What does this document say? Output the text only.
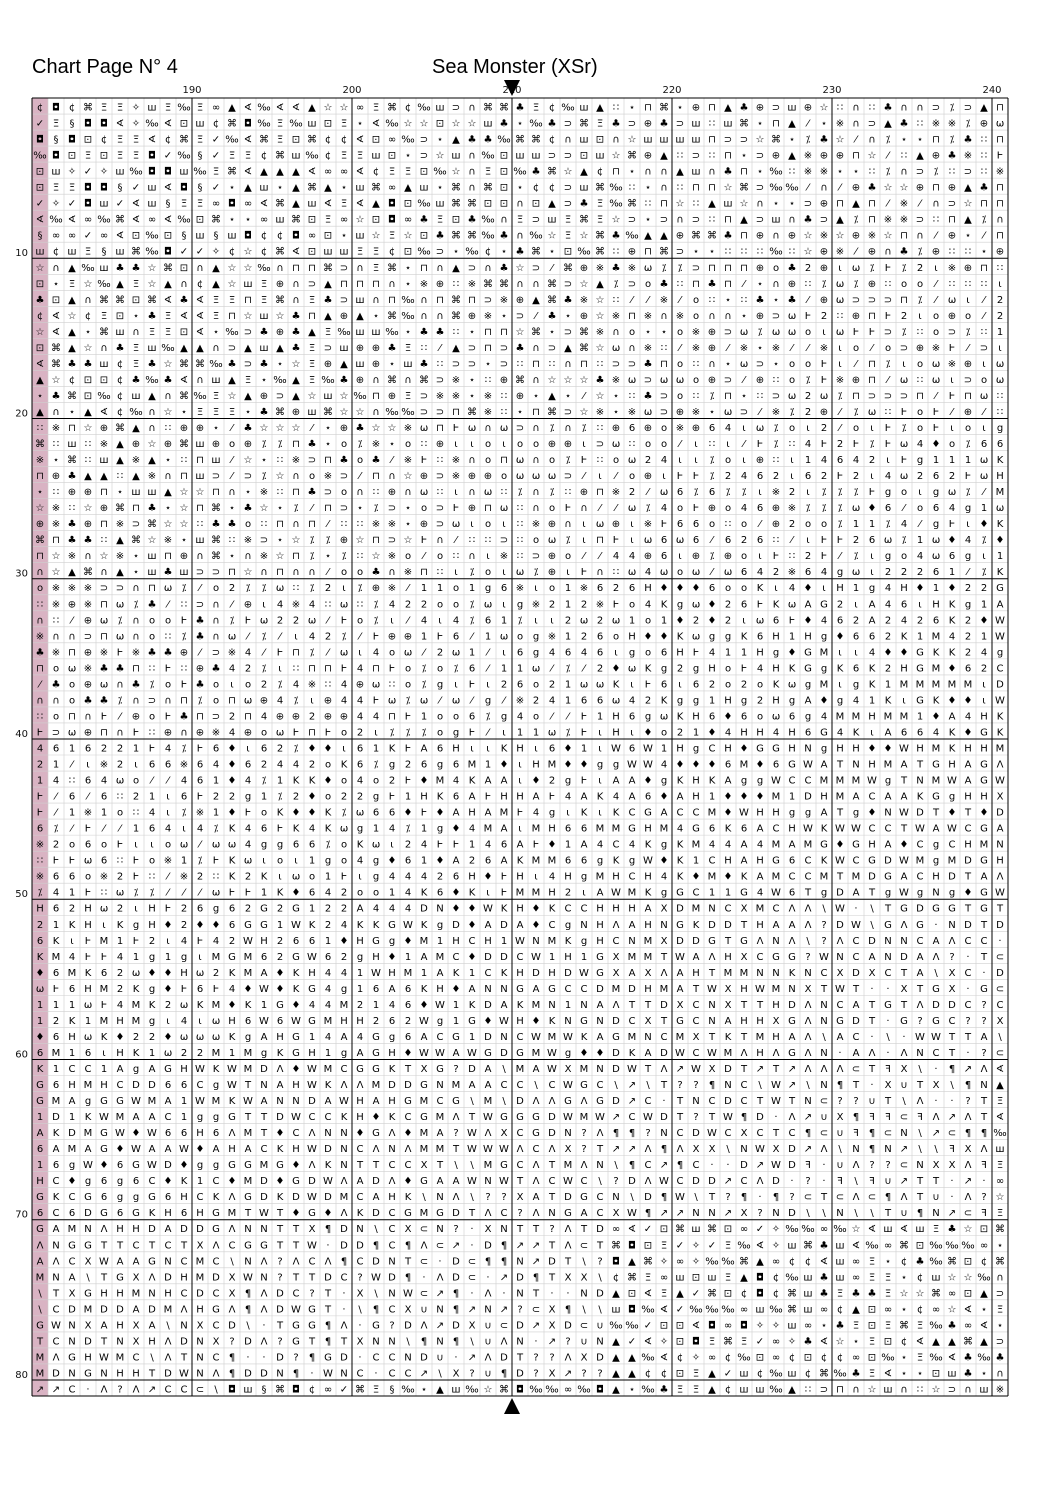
Chart Page N° 4	Sea Monster (XSr)
¢ ◘ ¢ ⌘ Ξ Ξ ✧ ш Ξ ‰ Ξ ∞ ▲ ∢ ‰ ∢ ∢ ▲ ☆ ☆ ∞ Ξ ⌘ ¢ ‰ ш ⊃ ∩ ⌘ ⌘ ♣ Ξ ¢ ‰ ш ▲ ∷ ⋆ ⊓ ⌘ ⋆ ⊕ ⊓ ▲ ♣ ⊕ ⊃ ш ⊕ ☆ ∷ ∩ ∷ ♣ ∩ ∩ ⊃ ⁒ ⊃ ▲ ⊓
✓ Ξ § ◘ ◘ ∢ ✧ ‰ ∢ ⊡ ш ¢ ⌘ ◘ ‰ Ξ ‰ ш ⊡ Ξ ⋆ ∢ ‰ ☆ ☆ ⊡ ☆ ☆ ш ♣ ⋆ ‰ ♣ ⊃ ⌘ Ξ ♣ ⊃ ⊕ ♣ ⊃ ш ∷ ш ⌘ ⋆ ⊓ ▲ ⁄ ⋆ ※ ∩ ⊃ ▲ ♣ ∷ ※ ※ ⁒ ⊕ ω
◘ § ◘ ⊡ ¢ Ξ Ξ ∢ ¢ ⌘ Ξ ✓ ‰ ∢ ⌘ Ξ ⊡ ⌘ ¢ ¢ ∢ ⊡ ∞ ‰ ⊃ ⋆ ▲ ♣ ♣ ‰ ⌘ ⌘ ¢ ∩ ш ⊡ ∩ ☆ ш ш ш ш ⊓ ⊃ ⊃ ☆ ⌘ ⋆ ⁒ ♣ ☆ ⁄ ∩ ⁒ ⋆ ⋆ ⊓ ⁒ ♣ ∷ ⊓
‰ ◘ ⊡ Ξ ⊡ Ξ Ξ ◘ ✓ ‰ § ✓ Ξ Ξ ¢ ⌘ ш ‰ ¢ Ξ Ξ ш ⊡ ⋆ ⊃ ☆ ш ∩ ‰ ⊡ ш ш ⊃ ⊃ ⊡ ш ☆ ⌘ ⊕ ▲ ∷ ⊃ ∷ ⊓ ⋆ ⊃ ⊕ ▲ ※ ⊕ ⊕ ⊓ ☆ ⁄ ∷ ▲ ⊕ ♣ ※ ∷ Ⱶ
⊡ ш ✧ ✓ ✧ ш ‰ ◘ ◘ ш ‰ Ξ ⌘ ∢ ▲ ▲ ▲ ∢ ∞ ∞ ∢ ¢ Ξ Ξ ⊡ ‰ ☆ ∩ Ξ ⊡ ‰ ♣ ⌘ ☆ ▲ ¢ ⊓ ⋆ ∩ ∩ ▲ ш ∩ ♣ ⊓ ⋆ ‰ ∷ ※ ※ ⋆ ⋆ ∷ ⁒ ∩ ⊃ ⁒ ∷ ⊃ ∷ ※
⊡ Ξ Ξ ◘ ◘ § ✓ ш ∢ ◘ § ✓ ⋆ ▲ ш ⋆ ▲ ⌘ ▲ ⋆ ш ⌘ ∞ ▲ ш ⋆ ⌘ ∩ ⌘ ⊡ ⋆ ¢ ¢ ⊃ ш ⌘ ‰ ∷ ⋆ ∩ ∷ ⊓ ⊓ ☆ ⌘ ⊃ ‰ ‰ ⁄ ∩ ⁄ ⊕ ♣ ☆ ☆ ⊕ ⊓ ⊕ ▲ ♣ ⊓
✓ ✧ ✓ ◘ ш ✓ ∢ ш § Ξ Ξ ∞ ◘ ∞ ∢ ⌘ ▲ ш ∢ Ξ ∢ ▲ ◘ ⊡ ‰ ш ⌘ ⌘ ⊡ ⊡ ∩ ⊡ ▲ ⊃ ♣ Ξ ‰ ⌘ ∷ ⊓ ☆ ∷ ▲ ш ☆ ∩ ⋆ ⋆ ⊃ ⊕ ⊓ ▲ ⊓ ⁄ ※ ⁄ ∩ ⊃ ☆ ⊓ ⊓
∢ ‰ ∢ ∞ ‰ ⌘ ∢ ∞ ∢ ‰ ⊡ ⌘ ⋆ ⋆ ∞ ш ⌘ ⊡ Ξ ∞ ☆ ⊡ ◘ ∞ ♣ Ξ ⊡ ♣ ‰ ∩ Ξ ⊃ ш Ξ ⌘ Ξ ☆ ⊃ ⋆ ⊃ ∩ ⊃ ∷ ⊓ ▲ ⊃ ш ∩ ♣ ⊃ ▲ ⁒ ⊓ ※ ※ ⊃ ∷ ⊓ ▲ ⁒ ∩
§ ∞ ∞ ✓ ∞ ∢ ⊡ ‰ ⊡ § ш § ш ◘ ¢ ¢ ◘ ∞ ⊡ ⋆ ш ☆ Ξ ☆ ⊡ ♣ ⌘ ⌘ ‰ ♣ ∩ ‰ ☆ Ξ ☆ ⌘ ♣ ‰ ▲ ▲ ⊕ ⌘ ⌘ ♣ ⊓ ⊕ ∩ ⊕ ☆ ※ ☆ ⊕ ※ ☆ ⊓ ∩ ⁄ ⊕ ⋆ ⁄ ⊓
ш ¢ ш Ξ § ш ⌘ ‰ ◘ ✓ ✓ ✧ ¢ ☆ ¢ ⌘ ∢ ⊡ ш ш Ξ Ξ ¢ ⊡ ‰ ⊃ ⋆ ‰ ¢ ⋆ ♣ ⌘ ⋆ ⊡ ‰ ⌘ ∷ ⊕ ⊓ ⌘ ⊃ ⋆ ⋆ ∷ ∷ ∷ ‰ ∷ ☆ ⊕ ※ ⁄ ⊕ ∩ ♣ ⁒ ⊕ ∷ ∷ ⋆ ⊕
☆ ∩ ▲ ‰ ш ♣ ♣ ☆ ⌘ ⊡ ∩ ▲ ☆ ☆ ‰ ∩ ⊓ ⊓ ⌘ ⊃ ∩ Ξ ⌘ ⋆ ⊓ ∩ ▲ ⊃ ∩ ♣ ☆ ⊃ ⁄ ⌘ ⊕ ※ ♣ ※ ω ⁒ ⁒ ⊃ ⊓ ⊓ ⊓ ⊕ o ♣ 2 ⊕ ι ω ⁒ Ⱶ ⁒ 2 ι ※ ⊕ ⊓ ∷
⊡ ⋆ Ξ ☆ ‰ ▲ Ξ ☆ ▲ ∩ ¢ ▲ ☆ ш Ξ ⊕ ∩ ⊃ ▲ ⊓ ⊓ ⊓ ∩ ⋆ ※ ⊕ ∷ ※ ⌘ ⌘ ∩ ∩ ⌘ ⊃ ☆ ▲ ⁒ ⊃ o ♣ ∷ ⊓ ♣ ⊓ ⁄ ⋆ ∩ ⊕ ∷ ⁒ ω ⁒ ⊕ ∷ o o ⁄ ∷ ∷ ∷ ι
♣ ⊡ ▲ ∩ ⌘ ⌘ ⊡ ⌘ ∢ ♣ ∢ Ξ Ξ ⊓ Ξ ⌘ ∩ Ξ ♣ ⊃ ш ∩ ⊓ ‰ ∩ ⊓ ⌘ ⊓ ⊃ ※ ⊕ ▲ ⌘ ♣ ※ ☆ ∷ ⁄ ⁄ ※ ⁄ o ∷ ⋆ ∷ ♣ ⋆ ♣ ⁄ ⊕ ω ⊃ ⊃ ⊃ ⊓ ⁒ ⁄ ω ι ⁄ 2
¢ ∢ ☆ ¢ Ξ ⊡ ⋆ ♣ Ξ ∢ ∢ Ξ ⊓ ☆ ш ☆ ♣ ⊓ ▲ ⊕ ▲ ⋆ ⌘ ‰ ∩ ∩ ⌘ ⊕ ※ ⋆ ⊃ ⁄ ♣ ⋆ ⊕ ☆ ※ ⊓ ※ ∩ ※ o ∩ ∩ ⋆ ⊕ ⊃ ω Ⱶ 2 ∷ ⊕ ⊓ Ⱶ 2 ι o ⊕ o ⁄ 2
☆ ∢ ▲ ⋆ ⌘ ш ∩ Ξ Ξ ⊡ ∢ ⋆ ‰ ⊃ ♣ ⊕ ♣ ▲ Ξ ‰ ш ш ‰ ⋆ ♣ ♣ ∷ ⋆ ⊓ ⊓ ☆ ⌘ ⋆ ⊃ ⌘ ※ ∩ o ⋆ ⋆ o ※ ⊕ ⊃ ω ⁒ ω ω o ι ω Ⱶ Ⱶ ⊃ ⁒ ∷ o ⊃ ⁒ ∷ 1
⊡ ⌘ ▲ ☆ ∩ ♣ Ξ ш ‰ ▲ ▲ ∩ ⊃ ▲ ш ▲ ♣ Ξ ⊃ ш ⊕ ⊕ ♣ Ξ ∷ ⁄ ▲ ⊃ ⊓ ⊃ ♣ ∩ ⊃ ▲ ⌘ ☆ ω ∩ ※ ∷ ⁄ ※ ⊕ ⁄ ※ ⋆ ※ ⁄ ⁄ ※ ι o ⁄ o ⊃ ⊕ ※ Ⱶ ⁄ ⊃ ι
∢ ⌘ ♣ ♣ ш ¢ Ξ ♣ ☆ ⌘ ⌘ ‰ ♣ ⊃ ♣ ⋆ ☆ Ξ ⊕ ▲ ш ⊕ ⋆ ш ♣ ∷ ⊃ ⊃ ⋆ ⊃ ∷ ⊓ ∷ ∩ ⊓ ∷ ⊃ ⊃ ♣ ⊓ o ∷ ∩ ⋆ ω ⊃ ⋆ o o Ⱶ ι ⁄ ⊓ ⁒ ι o ω ※ ⊕ ι ω
▲ ☆ ¢ ⊡ ⊡ ¢ ♣ ‰ ♣ ∢ ∩ ш ▲ Ξ ⋆ ‰ ▲ Ξ ‰ ♣ ⊕ ∩ ⌘ ∩ ⌘ ⊃ ※ ⋆ ∷ ⊕ ⌘ ∩ ☆ ☆ ☆ ♣ ※ ω ⊃ ω ω o ⊕ ⊃ ⁄ ⊕ ∷ o ⁒ Ⱶ ※ ⊕ ⊓ ⁄ ω ∷ ω ι ⊃ o ω
⋆ ♣ ⌘ ⊡ ‰ ¢ ш ▲ ∩ ⌘ ‰ Ξ ☆ ▲ ⊕ ⊃ ▲ ☆ ш ☆ ‰ ⊓ ⊕ Ξ ⊃ ※ ※ ⋆ ※ ∷ ⊕ ⋆ ▲ ⋆ ⁄ ☆ ⋆ ∷ ♣ ⊃ o ∷ ⁒ ⊓ ⋆ ∷ ⊃ ω 2 ω ⁒ ⊓ ⊃ ⊃ ⊃ ⊓ ⁄ Ⱶ ⊓ ω ∷
▲ ∩ ⋆ ▲ ∢ ¢ ‰ ∩ ☆ ⋆ Ξ Ξ Ξ ⋆ ♣ ⌘ ⊕ ш ⌘ ☆ ☆ ∩ ‰ ‰ ⊃ ⊃ ⊓ ⌘ ※ ∷ ⋆ ⊓ ⌘ ⊃ ☆ ※ ⋆ ※ ω ⊃ ⊕ ※ ⋆ ω ⊃ ⁄ ※ ⁒ 2 ⊕ ⁄ ⁒ ω ∷ Ⱶ o Ⱶ ⁄ ⊕ ⁄ ∷
∷ ※ ⊓ ☆ ⊕ ⌘ ▲ ∩ ∷ ⊕ ⊕ ⋆ ⁄ ♣ ☆ ☆ ☆ ⁄ ⋆ ⊕ ♣ ☆ ☆ ※ ω ⊓ Ⱶ ω ∩ ω ⊃ ∩ ⁒ ∩ ⁒ ∷ ⊕ 6 ⊕ o ※ ⊕ 6 4 ι ω ⁒ o ι 2 ⁄ o ι Ⱶ ⁒ o Ⱶ ι o ι g
⌘ ∷ ш ∷ ※ ▲ ⊕ ☆ ⊕ ⌘ ш ⊕ o ⊕ ⁒ ⁒ ⊓ ♣ ⋆ o ⁒ ※ ⋆ o ∷ ⊕ ι ι o ι o o ⊕ ⊕ ι ⊃ ω ∷ o o ⁄ ι ∷ ι ⁄ Ⱶ ⁒ ∷ 4 Ⱶ 2 Ⱶ ⁒ Ⱶ ω 4 ♦ o ⁒ 6 6
※ ⋆ ⌘ ∷ ш ▲ ※ ▲ ⋆ ∷ ⊓ ш ⁄ ☆ ⋆ ∷ ※ ⊃ ⊓ ♣ o ♣ ⁄ ※ Ⱶ ∷ ※ ∩ o ⊓ ω ∩ o ⁒ Ⱶ ∷ o ω 2 4 ι ι ⁒ o ι ⊕ ∷ ι 1 4 6 4 2 ι Ⱶ g 1 1 1 ω K
⊓ ⊕ ♣ ▲ ▲ ∷ ▲ ※ ∩ ⊓ ш ⊃ ⁄ ⊃ ⁒ ☆ ∩ o ※ ⊃ ⁄ ⊓ ∩ ☆ ⊕ ⊃ ※ ⊕ ⊕ o ω ω ω ⊃ ⁄ ι ⁄ o ⊕ ι Ⱶ Ⱶ ⁒ 2 4 6 2 ι 6 2 Ⱶ 2 ι 4 ω 2 6 2 Ⱶ ω H
⋆ ∷ ⊕ ⊕ ⊓ ⋆ ш ш ▲ ☆ ☆ ⊓ ∩ ⋆ ※ ∷ ⊓ ♣ ⊃ o ∩ ∷ ⊕ ∩ ω ∷ ι ∩ ω ∷ ⁒ ∩ ⁒ ∷ ⊕ ⊓ ※ 2 ⁄ ω 6 ⁒ 6 ⁒ ⁒ ι ※ 2 ι ⁒ ⁒ ⁒ Ⱶ g o ι g ω ⁒ ⁄ M
☆ ※ ∷ ☆ ⊕ ⌘ ⊓ ♣ ⋆ ☆ ⊓ ⌘ ⋆ ♣ ☆ ⋆ ⁒ ⁄ ⊓ ⊃ ⋆ ⁒ ⊃ ⋆ o ⊃ Ⱶ ⊕ ⊓ ω ∷ ∩ o Ⱶ ∩ ⁄ ⁄ ω ⁒ 4 o Ⱶ ⊕ o 4 6 ⊕ ※ ⁒ ⁒ ⁒ ω ♦ 6 ⁄ o 6 4 g 1 ω
⊕ ※ ♣ ⊕ ⊓ ※ ⊃ ⌘ ☆ ☆ ∷ ♣ ♣ o ∷ ⊓ ∩ ⊓ ⁄ ∷ ∷ ※ ※ ⋆ ⊕ ⊃ ω ι o ι ∷ ※ ⊕ ∩ ι ω ⊕ ι ※ Ⱶ 6 6 o ∷ o ⁄ ⊕ 2 o o ⁒ 1 1 ⁒ 4 ⁄ g Ⱶ ι ♦ K
⌘ ⊓ ♣ ♣ ∷ ▲ ⌘ ☆ ※ ⋆ ш ⌘ ∷ ※ ⊃ ⋆ ☆ ⁒ ⁒ ⊕ ☆ ⊓ ⊃ ☆ Ⱶ ∩ ⁄ ∷ ∷ ⊃ ∷ o ω ⁒ ι ⊓ Ⱶ ι ω 6 ω 6 ⁄ 6 2 6 ∷ ⁄ ι Ⱶ Ⱶ 2 6 ω ⁒ 1 ω ♦ 4 ⁒ ♦
⊓ ☆ ※ ∩ ☆ ※ ⋆ ш ⊓ ⊕ ∩ ⌘ ⋆ ∩ ※ ☆ ⊓ ⁒ ⋆ ⁒ ∷ ☆ ※ o ⁄ o ∷ ∩ ι ※ ∷ ⊃ ⊕ o ⁄ ⁄ 4 4 ⊕ 6 ι ⊕ ⁒ ⊕ o ι Ⱶ ∷ 2 Ⱶ ⁄ ⁒ ι g o 4 ω 6 g ι 1
∩ ☆ ▲ ⌘ ∩ ▲ ⋆ ш ♣ ш ⊃ ⊃ ⊓ ☆ ∩ ⊓ ∩ ∩ ⁄ o o ♣ ∩ ※ ⊓ ∷ ι ⁒ o ι ω ⁒ ⊕ ι Ⱶ ∩ ∷ ω 4 ω o ω ⁄ ω 6 4 2 ※ 6 4 g ω ι 2 2 2 6 1 ⁄ ⁒ K
o ※ ※ ※ ⊃ ⊃ ∩ ⊓ ω ⁒ ⁄ o 2 ⁒ ⁒ ω ∷ ⁒ 2 ι ⁒ ⊕ ※ ⁄ 1 1 o 1 g 6 ※ ι o 1 ※ 6 2 6 H ♦ ♦ ♦ 6 o o K ι 4 ♦ ι H 1 g 4 H ♦ 1 ♦ 2 2 G
∷ ※ ⊕ ※ ⊓ ω ⁒ ♣ ⁄ ∷ ⊃ ∩ ⁄ ⊕ ι 4 ※ 4 ∷ ω ∷ ⁒ 4 2 2 o o ⁒ ω ι g ※ 2 1 2 ※ Ⱶ o 4 K g ω ♦ 2 6 Ⱶ K ω A G 2 ι A 4 6 ι H K g 1 A
∩ ∷ ⁄ ⊕ ω ⁒ ∩ o o Ⱶ ♣ ∩ ⁒ Ⱶ ω 2 2 ω ⁄ Ⱶ o ⁒ ι ⁄ 4 ι 4 ⁒ 6 1 ⁒ ι ι 2 ω 2 ω 1 o 1 ♦ 2 ♦ 2 ι ω 6 Ⱶ ♦ 4 6 2 A 2 4 2 6 K 2 ♦ W
※ ∩ ∩ ⊃ ⊓ ω ∩ o ∷ ⁒ ♣ ∩ ω ⁄ ⁒ ⁄ ι 4 2 ⁒ ⁄ Ⱶ ⊕ ⊕ 1 Ⱶ 6 ⁄ 1 ω o g ※ 1 2 6 o H ♦ ♦ K ω g g K 6 H 1 H g ♦ 6 6 2 K 1 M 4 2 1 W
♣ ※ ⊓ ⊕ ※ Ⱶ ※ ♣ ♣ ⊕ ⁄ ⊃ ※ 4 ⁄ Ⱶ ⊓ ⁒ ⁄ ω ι 4 o ω ⁄ 2 ω 1 ⁄ ι 6 g 4 6 4 6 ι g o 6 H Ⱶ 4 1 1 H g ♦ G M ι ι 4 ♦ ♦ G K K 2 4 g
⊓ o ω ※ ♣ ♣ ⊓ ∷ Ⱶ ∷ ⊕ ♣ 4 2 ⁒ ι ∷ ⊓ ⊓ Ⱶ 4 ⊓ Ⱶ o ⁒ o ⁒ 6 ⁄ 1 1 ω ⁄ ⁒ ⁄ 2 ♦ ω K g 2 g H o Ⱶ 4 H K G g K 6 K 2 H G M ♦ 6 2 C
⁄ ♣ o ⊕ ω ∩ ♣ ⁒ o Ⱶ ♣ o ι o 2 ⁒ 4 ※ ∷ 4 ⊕ ω ∷ o ⁒ g ι Ⱶ ι 2 6 o 2 1 ω ω K ι Ⱶ 6 ι 6 2 o 2 o K ω g M ι g K 1 M M M M M ι D
∩ ∩ o ♣ ♣ ⁒ ∩ ⊃ ∩ ⊓ ⁒ o ⊓ ω ⊕ 4 ⁒ ι ⊕ 4 4 Ⱶ ω ⁒ ω ⁄ ω ⁄ g ⁄ ※ 2 4 1 6 6 ω 4 2 K g g 1 H g 2 H g A ♦ g 4 1 K ι G K ♦ ♦ ι W
∷ o ⊓ ∩ Ⱶ ⁄ ⊕ o Ⱶ ♣ ⊓ ⊃ 2 ⊓ 4 ⊕ ⊕ 2 ⊕ ⊕ 4 4 ⊓ Ⱶ 1 o o 6 ⁒ g 4 o ⁄ ⁄ Ⱶ 1 H 6 g ω K H 6 ♦ 6 o ω 6 g 4 M M H M M 1 ♦ A 4 H K
Ⱶ ⊃ ω ⊕ ⊓ ∩ Ⱶ ∷ ⊕ ∩ ⊕ ※ 4 ⊕ o ω Ⱶ ⊓ Ⱶ o 2 ι ⁒ ⁒ ⁒ o g Ⱶ ⁄ ι 1 1 ω ⁒ Ⱶ ι H ι ♦ o 2 1 ♦ 4 H H 4 H 6 G 4 K ι A 6 6 4 K ♦ G K
4 6 1 6 2 2 1 Ⱶ 4 ⁒ Ⱶ 6 ♦ ι 6 2 ⁒ ♦ ♦ ι 6 1 K Ⱶ A 6 H ι ι K H ι 6 ♦ 1 ι W 6 W 1 H g C H ♦ G G H N g H H ♦ ♦ W H M K H H M
2 1 ⁄ ι ※ 2 ι 6 6 ※ 6 4 ♦ 6 2 4 4 2 o K 6 ⁒ g 2 6 g 6 M 1 ♦ ι H M ♦ ♦ g g W W 4 ♦ ♦ ♦ 6 M ♦ 6 G W A T N H M A T G H A G Ʌ
1 4 ∷ 6 4 ω o ⁄ ⁄ 4 6 1 ♦ 4 ⁒ 1 K K ♦ o 4 o 2 Ⱶ ♦ M 4 K A A ι ♦ 2 g Ⱶ ι A A ♦ g K H K A g g W C C M M M W g T N M W A G W
Ⱶ ⁄ 6 ⁄ 6 ∷ 2 1 ι 6 Ⱶ 2 2 g 1 ⁒ 2 ♦ o 2 2 g Ⱶ 1 H K 6 A Ⱶ H H A Ⱶ 4 A K 4 A 6 ♦ A H 1 ♦ ♦ ♦ M 1 D H M A C A A K G g H H X
Ⱶ ⁄ 1 ※ 1 o ∷ 4 ι ⁒ ※ 1 ♦ Ⱶ o K ♦ ♦ K ⁒ ω 6 6 ♦ Ⱶ ♦ A H A M Ⱶ 4 g ι K ι K C G A C C M ♦ W H H g g A T g ♦ N W D T ♦ T ♦ D
6 ⁒ ⁄ Ⱶ ⁄ ⁄ 1 6 4 ι 4 ⁒ K 4 6 Ⱶ K 4 K ω g 1 4 ⁒ 1 g ♦ 4 M A ι M H 6 6 M M G H M 4 G 6 K 6 A C H W K W W C C T W A W C G A
※ 2 o 6 o Ⱶ ι ι o ω ⁄ ω ω 4 g g 6 6 ⁒ o K ω ι 2 4 Ⱶ Ⱶ 1 4 6 A Ⱶ ♦ 1 A 4 C 4 K g K M 4 4 A 4 M A M G ♦ G H A ♦ C g C H M N
∷ Ⱶ Ⱶ ω 6 ∷ Ⱶ o ※ 1 ⁒ Ⱶ K ω ι o ι 1 g o 4 g ♦ 6 1 ♦ A 2 6 A K M M 6 6 g K g W ♦ K 1 C H A H G 6 C K W C G D W M g M D G H
※ 6 6 o ※ 2 Ⱶ ∷ ⁄ ※ 2 ∷ K 2 K ι ω o 1 Ⱶ ι g 4 4 4 2 6 H ♦ Ⱶ H ι 4 H g M H C H 4 K ♦ M ♦ K A M C C M T M D G A C H D T A Ʌ
⁒ 4 1 Ⱶ ∷ ω ⁒ ⁒ ⁄ ⁄ ⁄ ω Ⱶ Ⱶ 1 K ♦ 6 4 2 o o 1 4 K 6 ♦ K ι Ⱶ M M H 2 ι A W M K g G C 1 1 G 4 W 6 T g D A T g W g N g ♦ G W
H 6 2 H ω 2 ι H Ⱶ 2 6 g 6 2 G 2 G 1 2 2 A 4 4 4 D N ♦ ♦ W K H ♦ K C C H H H A X D M N C X M C Ʌ Ʌ \ W · \ T G D G G T G T
2 1 K H ι K g H ♦ 2 ♦ ♦ 6 G G 1 W K 2 4 K K G W K g D ♦ A D A ♦ C g N H Ʌ A H N G K D D T H A A Ʌ ? D W \ G Ʌ G · N D T D
6 K ι Ⱶ M 1 Ⱶ 2 ι 4 Ⱶ 4 2 W H 2 6 6 1 ♦ H G g ♦ M 1 H C H 1 W N M K g H C N M X D D G T G Ʌ N Ʌ \ ? Ʌ C D N N C A Ʌ C C ·
K M 4 Ⱶ Ⱶ 4 1 g 1 g ι M G M 6 2 G W 6 2 g H ♦ 1 A M C ♦ D D C W 1 H 1 G X M M T W A Ʌ H X C G G ? W N C A N D A Ʌ ? · T ⊂
♦ 6 M K 6 2 ω ♦ ♦ H ω 2 K M A ♦ K H 4 4 1 W H M 1 A K 1 C K H D H D W G X A X Ʌ A H T M M N N K N C X D X C T A \ X C · D
ω Ⱶ 6 H M 2 K g ♦ Ⱶ 6 Ⱶ 4 ♦ W ♦ K G 4 g 1 6 A 6 K H ♦ A N N G A G C C D M D H M A T W X H W M N X T W T · · X T G X · G ⊂
1 1 1 ω Ⱶ 4 M K 2 ω K M ♦ K 1 G ♦ 4 4 M 2 1 4 6 ♦ W 1 K D A K M N 1 N A Ʌ T T D X C N X T T H D Ʌ N C A T G T Ʌ D D C ? C
1 2 K 1 M H M g ι 4 ι ω H 6 W 6 W G M H H 2 6 2 W g 1 G ♦ W H ♦ K N G N D C X T G C N A H H X G Ʌ N G D T · G ? G C ? ? X
♦ 6 H ω K ♦ 2 2 ♦ ω ω ω K g A H G 1 4 A 4 G g 6 A C G 1 D N C W M W K A G M N C M X T K T M H A Ʌ \ A C · \ · W W T T A \
6 M 1 6 ι H K 1 ω 2 2 M 1 M g K G H 1 g A G H ♦ W W A W G D G M W g ♦ ♦ D K A D W C W M Ʌ H Ʌ G Ʌ N · A Ʌ · Ʌ N C T · ? ⊂
K 1 C C 1 A g A G H W K W M D Ʌ ♦ W M C G G K T X G ? D A \ M A W X M N D W T Ʌ ↗ W X D T ↗ T ↗ Ʌ Ʌ Ʌ ⊂ T ꟻ X \ · ¶ ↗ Ʌ ∢
G 6 H M H C D D 6 6 C g W T N A H W K Ʌ Ʌ M D D G N M A A C C \ C W G C \ ↗ \ T ? ? ¶ N C \ W ↗ \ N ¶ T · X ∪ T X \ ¶ N ▲
G M A g G G W M A 1 W M K W A N N D A W H A H G M C G \ M \ D Ʌ Ʌ G Ʌ G D ↗ C · T N C D C T W T N ⊂ ? ? ∪ T \ Ʌ · · ? T Ξ
1 D 1 K W M A A C 1 g g G T T D W C C K H ♦ K C G M Ʌ T W G G G D W M W ↗ C W D T ? T W ¶ D · Ʌ ↗ ∪ X ¶ ꟻ ꟻ ⊂ ꟻ Ʌ ↗ Ʌ T ∢
A K D M G W ♦ W 6 6 H 6 Ʌ M T ♦ C Ʌ N N ♦ G Ʌ ♦ M A ? W Ʌ X C G D N ? Ʌ ¶ ¶ ? N C D W C X C T C ¶ ⊂ ∪ ꟻ ¶ ⊂ N \ ↗ ⊂ ¶ ¶ ‰
6 A M A G ♦ W A A W ♦ A H A C K H W D N C Ʌ N Ʌ M M T W W W Ʌ C Ʌ X ? T ↗ ↗ Ʌ ¶ Ʌ X X \ N W X D ↗ Ʌ \ N ¶ N ↗ \ \ ꟻ X Ʌ ш
1 6 g W ♦ 6 G W D ♦ g g G G M G ♦ Ʌ K N T T C C X T \ \ M G C Ʌ T M Ʌ N \ ¶ C ↗ ¶ C · · D ↗ W D ꟻ · ∪ Ʌ ? ? ⊂ N X X Ʌ ꟻ Ξ
H C ♦ g 6 g 6 C ♦ K 1 C ♦ M D ♦ G D W Ʌ A D Ʌ ♦ G A A W N W T Ʌ C W C \ ? D Ʌ W C D D ↗ C Ʌ D · ? · ꟻ \ ꟻ ∪ ↗ T T · ↗ · ∞
G K C G 6 g g G 6 H C K Ʌ G D K D W D M C A H K \ N Ʌ \ ? ? X A T D G C N \ D ¶ W \ T ? ¶ · ¶ ? ⊂ T ⊂ Ʌ ⊂ ¶ Ʌ T ∪ · Ʌ ? ☆
6 C 6 D G 6 G K H 6 H G M T W T ♦ G ♦ Ʌ K D C G M G D T Ʌ C ? Ʌ N G A C X W ¶ ↗ ↗ N N ↗ X ? N D \ \ N \ \ T ∪ ¶ N ↗ ⊂ ꟻ Ξ
G A M N Ʌ H H D A D D G Ʌ N N T T X ¶ D N \ C X ⊂ N ? · X N T T ? Ʌ T D ∞ ∢ ✓ ⊡ ⌘ ш ⌘ ⊡ ∞ ✓ ✧ ‰ ‰ ∞ ‰ ☆ ∢ ш ∢ ш Ξ ♣ ☆ ⊡ ⌘
Ʌ N G G T T C T C T X Ʌ C G G T T W · D D ¶ C ¶ Ʌ ⊂ ↗ · D ¶ ↗ ↗ T Ʌ ⊂ T ⌘ ◘ ⊡ Ξ ✓ ✧ ✓ Ξ ‰ ∢ ✧ ш ⌘ ♣ ш ∢ ‰ ∞ ⌘ ⊡ ‰ ‰ ‰ ∞ ⋆
A Ʌ C X W A A G N C M C \ N Ʌ ? Ʌ C Ʌ ¶ C D N T ⊂ · D ⊂ ¶ ¶ N ↗ D T \ ? ◘ ▲ ⌘ ✧ ∞ ✧ ‰ ‰ ⌘ ▲ ∞ ¢ ¢ ∢ ш ∞ Ξ ⋆ ¢ ♣ ‰ ⌘ ⊡ ¢ ⌘
M N A \ T G X Ʌ D H M D X W N ? T T D C ? W D ¶ · Ʌ D ⊂ · ↗ D ¶ T X X \ ¢ ⌘ Ξ ∞ ш ⊡ ш Ξ ▲ ◘ ¢ ‰ ш ♣ ш ∞ Ξ Ξ ⋆ ¢ ш ☆ ☆ ‰ ∩
\ T X G H H M N H C D C X ¶ Ʌ D C ? T · X \ N W ⊂ ↗ ¶ · Ʌ · N T · · N D ▲ ⊡ ∢ Ξ ▲ ✓ ⌘ ⊡ ¢ ◘ ¢ ⌘ ш ♣ Ξ ♣ ♣ Ξ ☆ ☆ ⌘ ∞ ⊡ ▲ ⊃
\ C D M D D A D M Ʌ H G Ʌ ¶ Ʌ D W G T · \ ¶ C X ∪ N ¶ ↗ N ↗ ? ⊂ X ¶ \ \ ш ◘ ‰ ∢ ✓ ‰ ‰ ‰ ∞ ш ‰ ⌘ ш ∞ ¢ ▲ ⊡ ∞ ⋆ ¢ ∞ ☆ ∢ ⋆ Ξ
G W N X A H X A \ N X C D \ · T G G ¶ Ʌ · G ? D Ʌ ↗ D X ∪ ⊂ D ↗ X D ⊂ ∪ ‰ ‰ ✓ ⊡ ⊡ ∢ ◘ ∞ ◘ ✧ ✧ ш ∞ ⋆ ♣ Ξ ⊡ Ξ ⌘ Ξ ‰ ♣ ∞ ∢ ⋆
T C N D T N X H Ʌ D N X ? D Ʌ ? G T ¶ T X N N \ ¶ N ¶ \ ∪ Ʌ N · ↗ ? ∪ N ▲ ✓ ∢ ✧ ⊡ ◘ Ξ ⌘ Ξ ✓ ∞ ✧ ♣ ∢ ☆ ⋆ Ξ ⊡ ¢ ∢ ▲ ▲ ⌘ ▲ ⊃
M Ʌ G H W M C \ Ʌ T N C ¶ · · D ? ¶ G D · C C N D ∪ · ↗ Ʌ D T ? ? Ʌ X D ▲ ▲ ‰ ∢ ¢ ✧ ∞ ¢ ‰ ⊡ ∞ ¢ ⊡ ¢ ¢ ∞ ⊡ ‰ ⋆ Ξ ‰ ∢ ♣ ‰ ♣
M D N G N H H T D W N Ʌ ¶ D D N ¶ · W N C · C C ↗ \ X ? ∪ ¶ D ? X ↗ ? ? ▲ ▲ ¢ ¢ ⊡ Ξ ▲ ✓ ш ¢ ‰ ш ¢ ⌘ ‰ ♣ Ξ ∢ ⋆ ⋆ ⊡ ш ♣ ⋆ ∩
↗ ↗ C · Ʌ ? Ʌ ↗ C C ⊂ \ ◘ ш § ⌘ ◘ ¢ ∞ ✓ ⌘ Ξ § ‰ ⋆ ▲ ш ‰ ☆ ⌘ ◘ ‰ ‰ ∞ ‰ ◘ ▲ ⋆ ‰ ♣ Ξ Ξ ▲ ¢ ш ш ‰ ▲ ∷ ⊃ ⊓ ∩ ☆ ш ∩ ∷ ☆ ⊃ ∩ ш ※
190	200	220	230	240
10
20
30
40
50
60
70
80
